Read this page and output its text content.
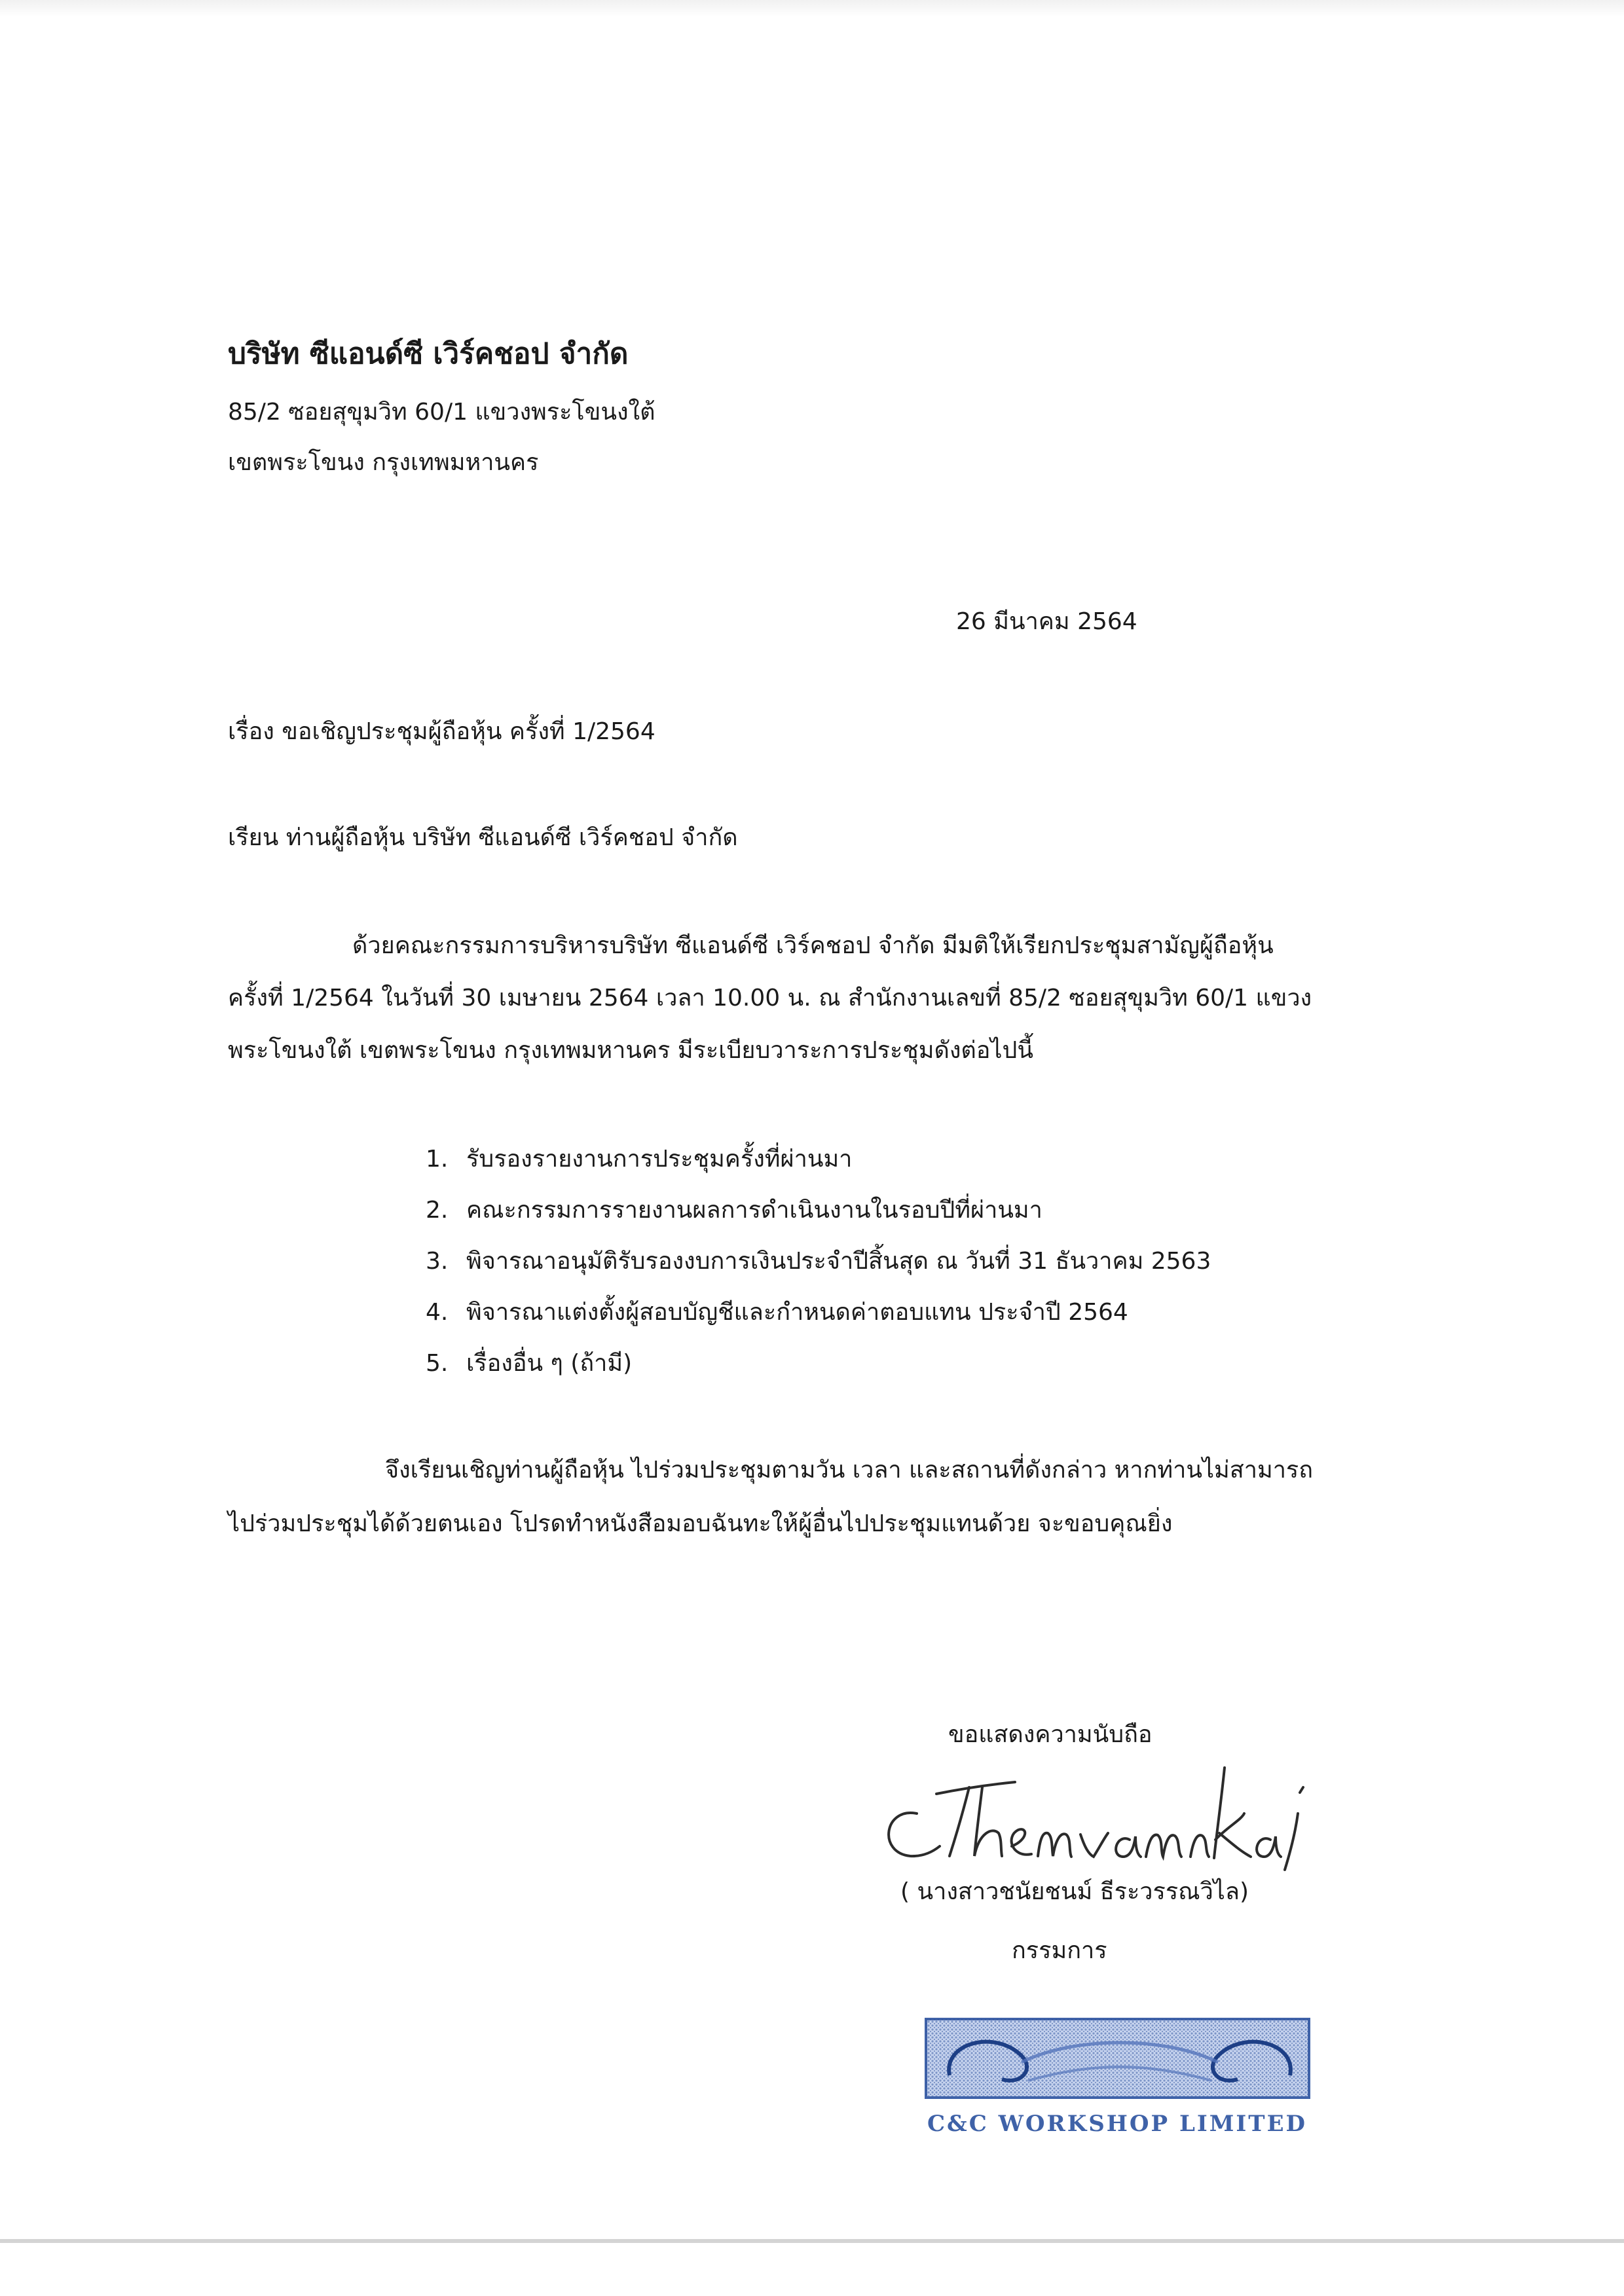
บริษัท ซีแอนด์ซี เวิร์คชอป จำกัด
85/2 ซอยสุขุมวิท 60/1 แขวงพระโขนงใต้
เขตพระโขนง กรุงเทพมหานคร
26 มีนาคม 2564
เรื่อง ขอเชิญประชุมผู้ถือหุ้น ครั้งที่ 1/2564
เรียน ท่านผู้ถือหุ้น บริษัท ซีแอนด์ซี เวิร์คชอป จำกัด
ด้วยคณะกรรมการบริหารบริษัท ซีแอนด์ซี เวิร์คชอป จำกัด มีมติให้เรียกประชุมสามัญผู้ถือหุ้น
ครั้งที่ 1/2564 ในวันที่ 30 เมษายน 2564 เวลา 10.00 น. ณ สำนักงานเลขที่ 85/2 ซอยสุขุมวิท 60/1 แขวง
พระโขนงใต้ เขตพระโขนง กรุงเทพมหานคร มีระเบียบวาระการประชุมดังต่อไปนี้
1. รับรองรายงานการประชุมครั้งที่ผ่านมา
2. คณะกรรมการรายงานผลการดำเนินงานในรอบปีที่ผ่านมา
3. พิจารณาอนุมัติรับรองงบการเงินประจำปีสิ้นสุด ณ วันที่ 31 ธันวาคม 2563
4. พิจารณาแต่งตั้งผู้สอบบัญชีและกำหนดค่าตอบแทน ประจำปี 2564
5. เรื่องอื่น ๆ (ถ้ามี)
จึงเรียนเชิญท่านผู้ถือหุ้น ไปร่วมประชุมตามวัน เวลา และสถานที่ดังกล่าว หากท่านไม่สามารถ
ไปร่วมประชุมได้ด้วยตนเอง โปรดทำหนังสือมอบฉันทะให้ผู้อื่นไปประชุมแทนด้วย จะขอบคุณยิ่ง
ขอแสดงความนับถือ
( นางสาวชนัยชนม์ ธีระวรรณวิไล)
กรรมการ
C&C WORKSHOP LIMITED
